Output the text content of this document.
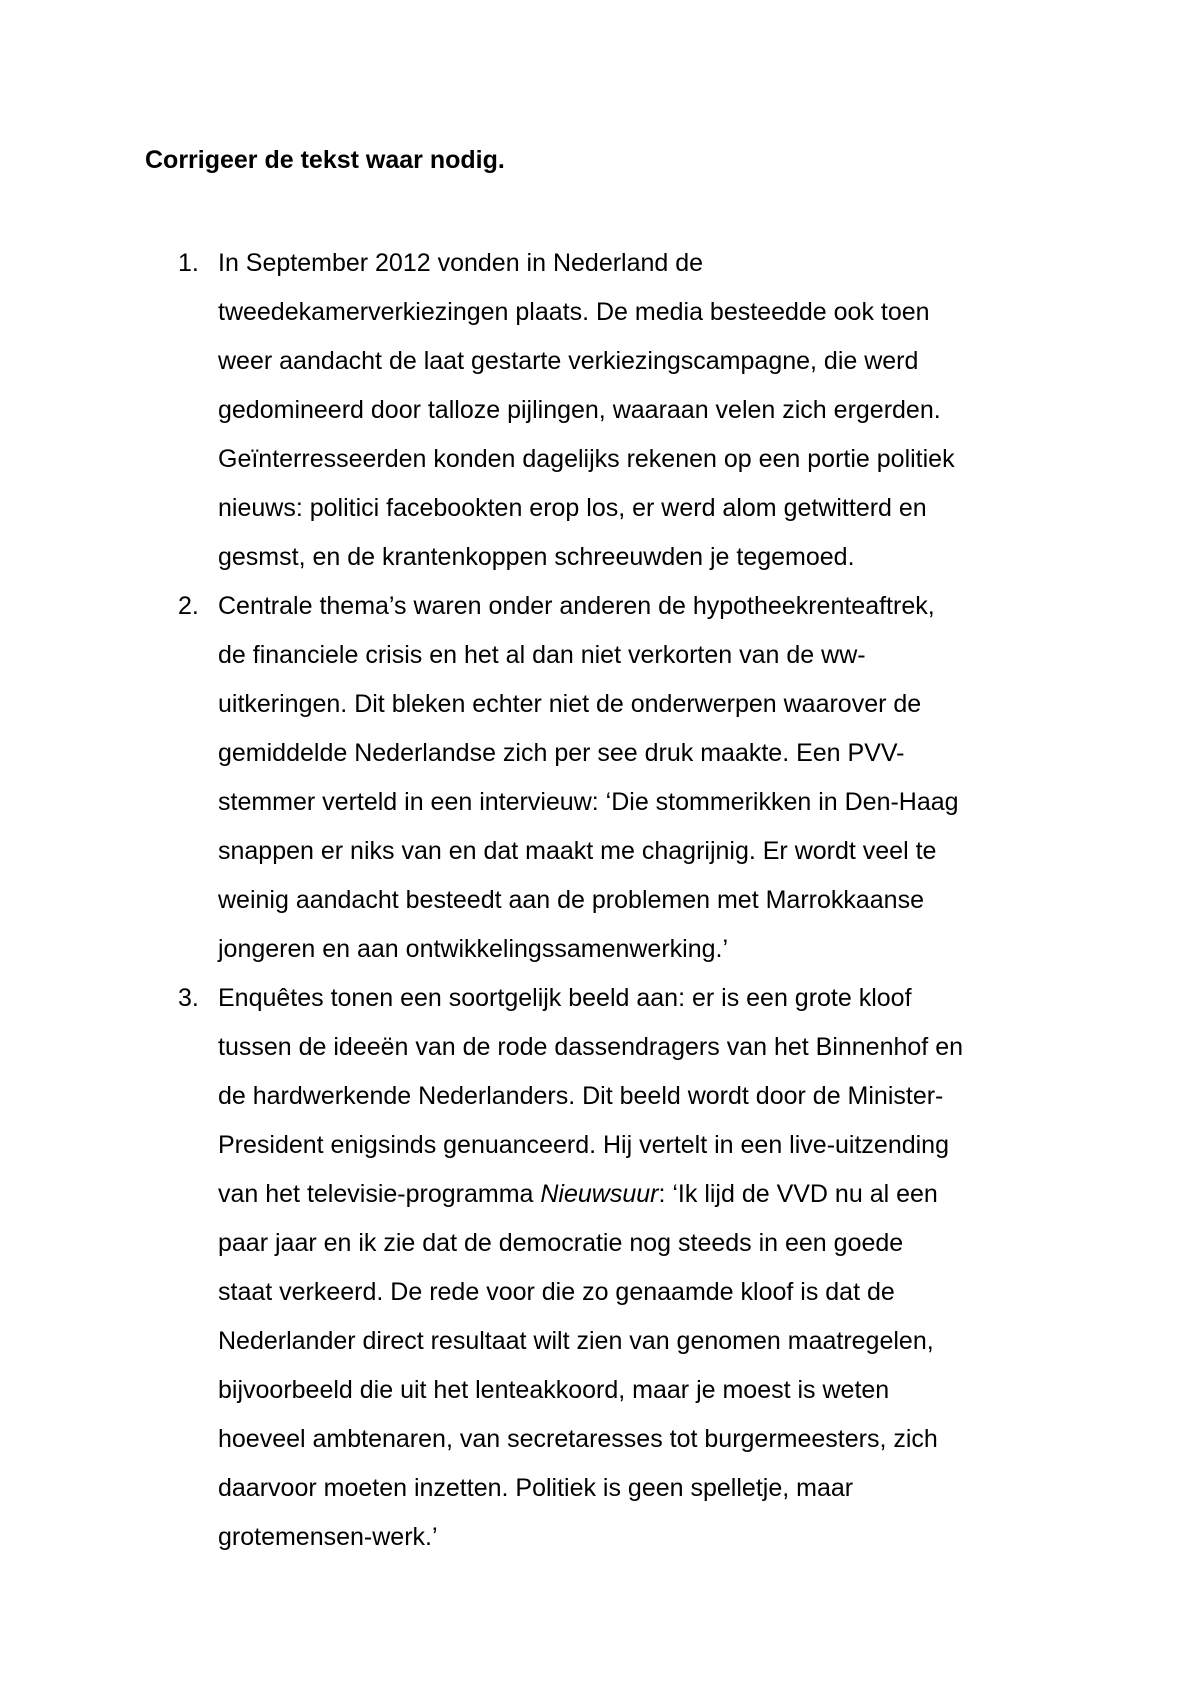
Corrigeer de tekst waar nodig.
1. In September 2012 vonden in Nederland de
tweedekamerverkiezingen plaats. De media besteedde ook toen
weer aandacht de laat gestarte verkiezingscampagne, die werd
gedomineerd door talloze pijlingen, waaraan velen zich ergerden.
Geïnterresseerden konden dagelijks rekenen op een portie politiek
nieuws: politici facebookten erop los, er werd alom getwitterd en
gesmst, en de krantenkoppen schreeuwden je tegemoed.
2. Centrale thema’s waren onder anderen de hypotheekrenteaftrek,
de financiele crisis en het al dan niet verkorten van de ww-
uitkeringen. Dit bleken echter niet de onderwerpen waarover de
gemiddelde Nederlandse zich per see druk maakte. Een PVV-
stemmer verteld in een intervieuw: ‘Die stommerikken in Den-Haag
snappen er niks van en dat maakt me chagrijnig. Er wordt veel te
weinig aandacht besteedt aan de problemen met Marrokkaanse
jongeren en aan ontwikkelingssamenwerking.’
3. Enquêtes tonen een soortgelijk beeld aan: er is een grote kloof
tussen de ideeën van de rode dassendragers van het Binnenhof en
de hardwerkende Nederlanders. Dit beeld wordt door de Minister-
President enigsinds genuanceerd. Hij vertelt in een live-uitzending
van het televisie-programma Nieuwsuur: ‘Ik lijd de VVD nu al een
paar jaar en ik zie dat de democratie nog steeds in een goede
staat verkeerd. De rede voor die zo genaamde kloof is dat de
Nederlander direct resultaat wilt zien van genomen maatregelen,
bijvoorbeeld die uit het lenteakkoord, maar je moest is weten
hoeveel ambtenaren, van secretaresses tot burgermeesters, zich
daarvoor moeten inzetten. Politiek is geen spelletje, maar
grotemensen-werk.’
